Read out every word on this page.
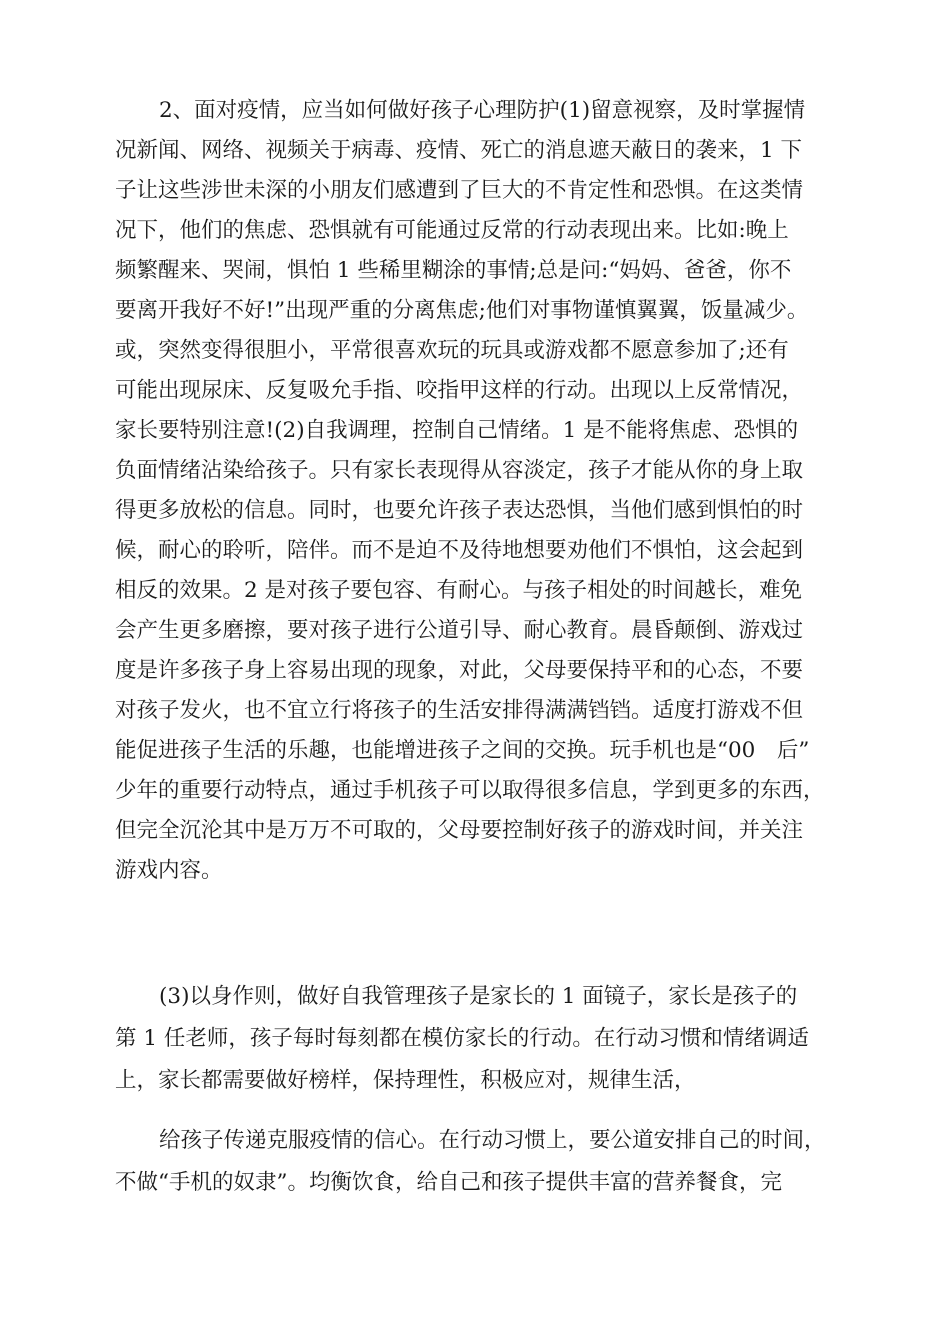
2、面对疫情，应当如何做好孩子心理防护(1)留意视察，及时掌握情
况新闻、网络、视频关于病毒、疫情、死亡的消息遮天蔽日的袭来，1 下
子让这些涉世未深的小朋友们感遭到了巨大的不肯定性和恐惧。在这类情
况下，他们的焦虑、恐惧就有可能通过反常的行动表现出来。比如:晚上
频繁醒来、哭闹，惧怕 1 些稀里糊涂的事情;总是问:“妈妈、爸爸，你不
要离开我好不好!”出现严重的分离焦虑;他们对事物谨慎翼翼，饭量减少。
或，突然变得很胆小，平常很喜欢玩的玩具或游戏都不愿意参加了;还有
可能出现尿床、反复吸允手指、咬指甲这样的行动。出现以上反常情况，
家长要特别注意!(2)自我调理，控制自己情绪。1 是不能将焦虑、恐惧的
负面情绪沾染给孩子。只有家长表现得从容淡定，孩子才能从你的身上取
得更多放松的信息。同时，也要允许孩子表达恐惧，当他们感到惧怕的时
候，耐心的聆听，陪伴。而不是迫不及待地想要劝他们不惧怕，这会起到
相反的效果。2 是对孩子要包容、有耐心。与孩子相处的时间越长，难免
会产生更多磨擦，要对孩子进行公道引导、耐心教育。晨昏颠倒、游戏过
度是许多孩子身上容易出现的现象，对此，父母要保持平和的心态，不要
对孩子发火，也不宜立行将孩子的生活安排得满满铛铛。适度打游戏不但
能促进孩子生活的乐趣，也能增进孩子之间的交换。玩手机也是“00　后”
少年的重要行动特点，通过手机孩子可以取得很多信息，学到更多的东西，
但完全沉沦其中是万万不可取的，父母要控制好孩子的游戏时间，并关注
游戏内容。
(3)以身作则，做好自我管理孩子是家长的 1 面镜子，家长是孩子的
第 1 任老师，孩子每时每刻都在模仿家长的行动。在行动习惯和情绪调适
上，家长都需要做好榜样，保持理性，积极应对，规律生活，
给孩子传递克服疫情的信心。在行动习惯上，要公道安排自己的时间，
不做“手机的奴隶”。均衡饮食，给自己和孩子提供丰富的营养餐食，完
